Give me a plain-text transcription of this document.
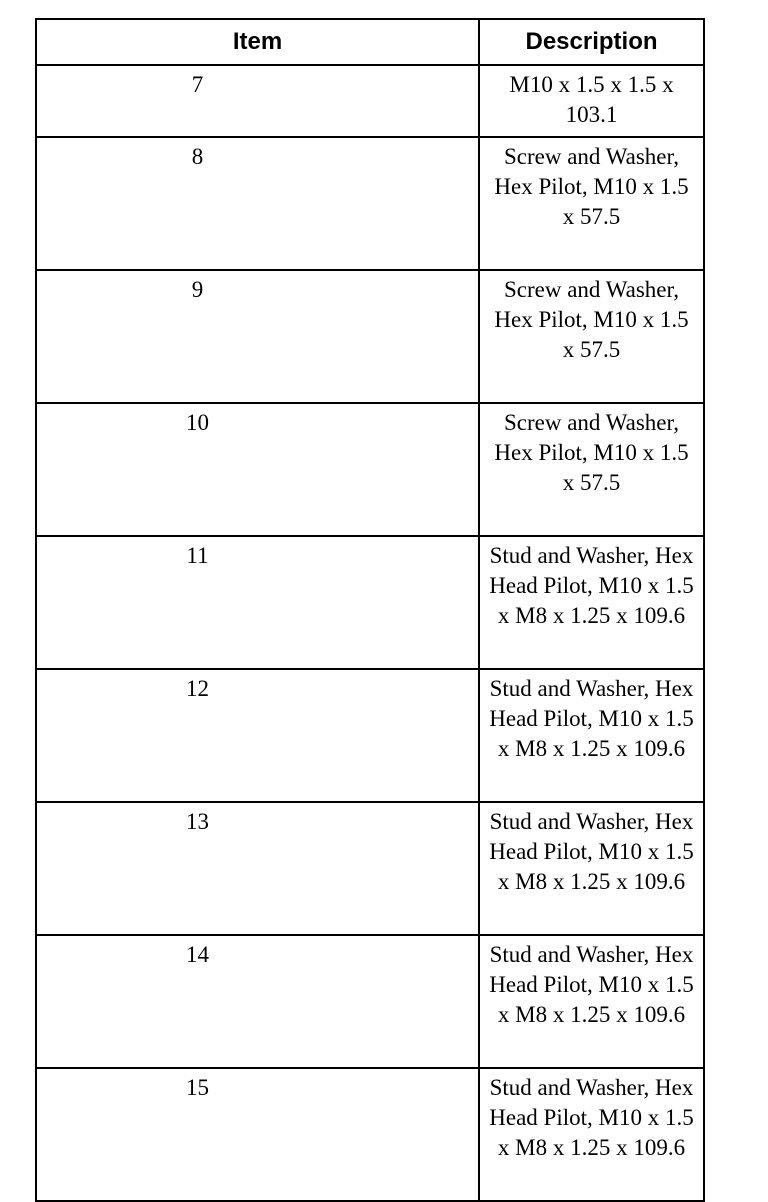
Item	Description
7	M10 x 1.5 x 1.5 x 103.1
8	Screw and Washer, Hex Pilot, M10 x 1.5 x 57.5
9	Screw and Washer, Hex Pilot, M10 x 1.5 x 57.5
10	Screw and Washer, Hex Pilot, M10 x 1.5 x 57.5
11	Stud and Washer, Hex Head Pilot, M10 x 1.5 x M8 x 1.25 x 109.6
12	Stud and Washer, Hex Head Pilot, M10 x 1.5 x M8 x 1.25 x 109.6
13	Stud and Washer, Hex Head Pilot, M10 x 1.5 x M8 x 1.25 x 109.6
14	Stud and Washer, Hex Head Pilot, M10 x 1.5 x M8 x 1.25 x 109.6
15	Stud and Washer, Hex Head Pilot, M10 x 1.5 x M8 x 1.25 x 109.6
